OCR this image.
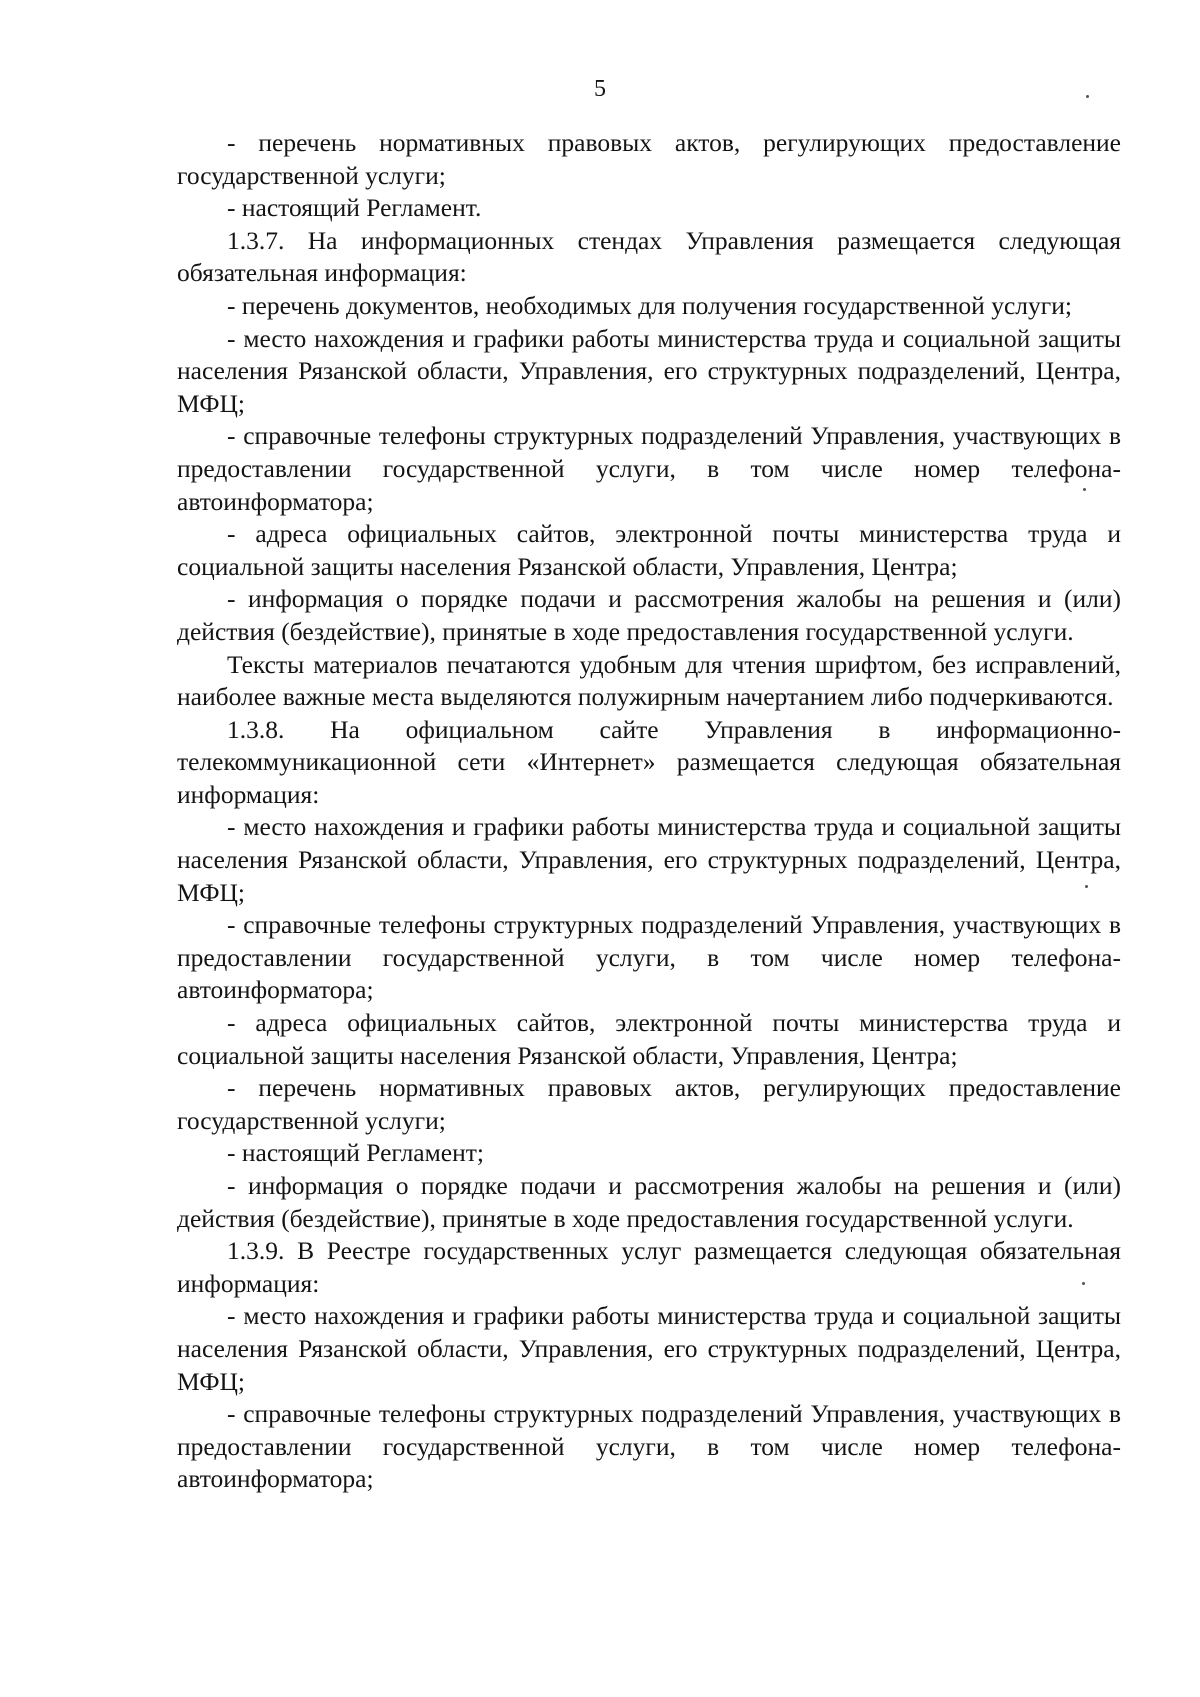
5

- перечень нормативных правовых актов, регулирующих предоставление государственной услуги;

- настоящий Регламент.

1.3.7. На информационных стендах Управления размещается следующая обязательная информация:

- перечень документов, необходимых для получения государственной услуги;

- место нахождения и графики работы министерства труда и социальной защиты населения Рязанской области, Управления, его структурных подразделений, Центра, МФЦ;

- справочные телефоны структурных подразделений Управления, участвующих в предоставлении государственной услуги, в том числе номер телефона-автоинформатора;

- адреса официальных сайтов, электронной почты министерства труда и социальной защиты населения Рязанской области, Управления, Центра;

- информация о порядке подачи и рассмотрения жалобы на решения и (или) действия (бездействие), принятые в ходе предоставления государственной услуги.

Тексты материалов печатаются удобным для чтения шрифтом, без исправлений, наиболее важные места выделяются полужирным начертанием либо подчеркиваются.

1.3.8. На официальном сайте Управления в информационно-телекоммуникационной сети «Интернет» размещается следующая обязательная информация:

- место нахождения и графики работы министерства труда и социальной защиты населения Рязанской области, Управления, его структурных подразделений, Центра, МФЦ;

- справочные телефоны структурных подразделений Управления, участвующих в предоставлении государственной услуги, в том числе номер телефона-автоинформатора;

- адреса официальных сайтов, электронной почты министерства труда и социальной защиты населения Рязанской области, Управления, Центра;

- перечень нормативных правовых актов, регулирующих предоставление государственной услуги;

- настоящий Регламент;

- информация о порядке подачи и рассмотрения жалобы на решения и (или) действия (бездействие), принятые в ходе предоставления государственной услуги.

1.3.9. В Реестре государственных услуг размещается следующая обязательная информация:

- место нахождения и графики работы министерства труда и социальной защиты населения Рязанской области, Управления, его структурных подразделений, Центра, МФЦ;

- справочные телефоны структурных подразделений Управления, участвующих в предоставлении государственной услуги, в том числе номер телефона-автоинформатора;
